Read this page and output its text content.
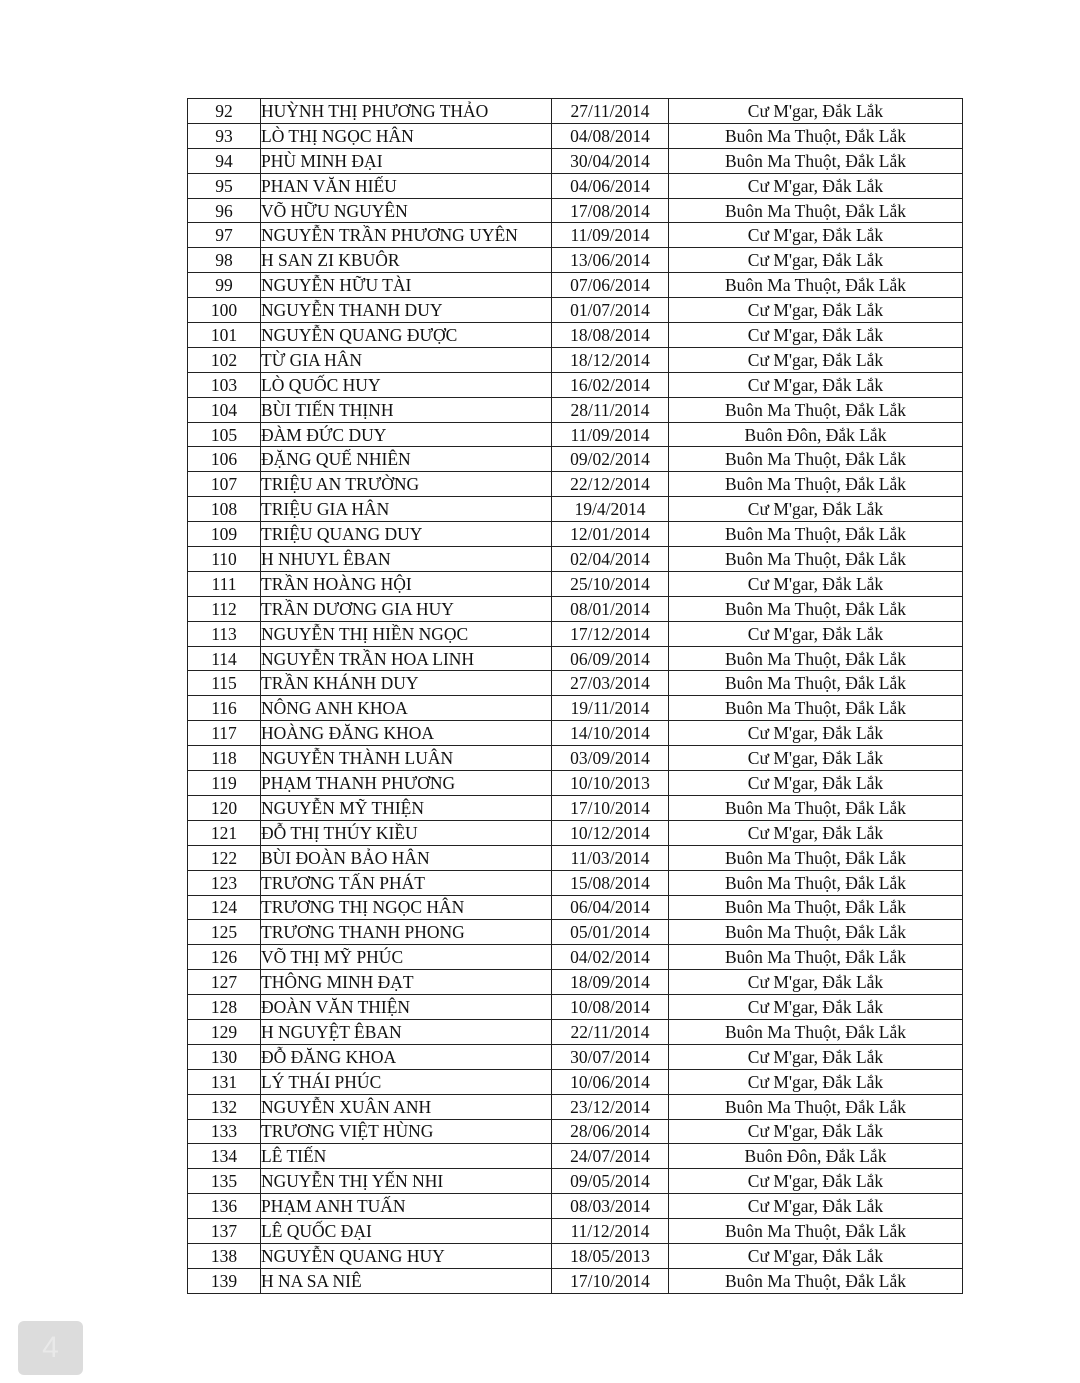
92	HUỲNH THỊ PHƯƠNG THẢO	27/11/2014	Cư M'gar, Đắk Lắk
93	LÒ THỊ NGỌC HÂN	04/08/2014	Buôn Ma Thuột, Đắk Lắk
94	PHÙ MINH ĐẠI	30/04/2014	Buôn Ma Thuột, Đắk Lắk
95	PHAN VĂN HIẾU	04/06/2014	Cư M'gar, Đắk Lắk
96	VÕ HỮU NGUYÊN	17/08/2014	Buôn Ma Thuột, Đắk Lắk
97	NGUYỄN TRẦN PHƯƠNG UYÊN	11/09/2014	Cư M'gar, Đắk Lắk
98	H SAN ZI KBUÔR	13/06/2014	Cư M'gar, Đắk Lắk
99	NGUYỄN HỮU TÀI	07/06/2014	Buôn Ma Thuột, Đắk Lắk
100	NGUYỄN THANH DUY	01/07/2014	Cư M'gar, Đắk Lắk
101	NGUYỄN QUANG ĐƯỢC	18/08/2014	Cư M'gar, Đắk Lắk
102	TỪ GIA HÂN	18/12/2014	Cư M'gar, Đắk Lắk
103	LÒ QUỐC HUY	16/02/2014	Cư M'gar, Đắk Lắk
104	BÙI TIẾN THỊNH	28/11/2014	Buôn Ma Thuột, Đắk Lắk
105	ĐÀM ĐỨC DUY	11/09/2014	Buôn Đôn, Đắk Lắk
106	ĐẶNG QUẾ NHIÊN	09/02/2014	Buôn Ma Thuột, Đắk Lắk
107	TRIỆU AN TRƯỜNG	22/12/2014	Buôn Ma Thuột, Đắk Lắk
108	TRIỆU GIA HÂN	19/4/2014	Cư M'gar, Đắk Lắk
109	TRIỆU QUANG DUY	12/01/2014	Buôn Ma Thuột, Đắk Lắk
110	H NHUYL ÊBAN	02/04/2014	Buôn Ma Thuột, Đắk Lắk
111	TRẦN HOÀNG HỘI	25/10/2014	Cư M'gar, Đắk Lắk
112	TRẦN DƯƠNG GIA HUY	08/01/2014	Buôn Ma Thuột, Đắk Lắk
113	NGUYỄN THỊ HIỀN NGỌC	17/12/2014	Cư M'gar, Đắk Lắk
114	NGUYỄN TRẦN HOA LINH	06/09/2014	Buôn Ma Thuột, Đắk Lắk
115	TRẦN KHÁNH DUY	27/03/2014	Buôn Ma Thuột, Đắk Lắk
116	NÔNG ANH KHOA	19/11/2014	Buôn Ma Thuột, Đắk Lắk
117	HOÀNG ĐĂNG KHOA	14/10/2014	Cư M'gar, Đắk Lắk
118	NGUYỄN THÀNH LUÂN	03/09/2014	Cư M'gar, Đắk Lắk
119	PHẠM THANH PHƯƠNG	10/10/2013	Cư M'gar, Đắk Lắk
120	NGUYỄN MỸ THIỆN	17/10/2014	Buôn Ma Thuột, Đắk Lắk
121	ĐỖ THỊ THÚY KIỀU	10/12/2014	Cư M'gar, Đắk Lắk
122	BÙI ĐOÀN BẢO HÂN	11/03/2014	Buôn Ma Thuột, Đắk Lắk
123	TRƯƠNG TẤN PHÁT	15/08/2014	Buôn Ma Thuột, Đắk Lắk
124	TRƯƠNG THỊ NGỌC HÂN	06/04/2014	Buôn Ma Thuột, Đắk Lắk
125	TRƯƠNG THANH PHONG	05/01/2014	Buôn Ma Thuột, Đắk Lắk
126	VÕ THỊ MỸ PHÚC	04/02/2014	Buôn Ma Thuột, Đắk Lắk
127	THÔNG MINH ĐẠT	18/09/2014	Cư M'gar, Đắk Lắk
128	ĐOÀN VĂN THIỆN	10/08/2014	Cư M'gar, Đắk Lắk
129	H NGUYỆT ÊBAN	22/11/2014	Buôn Ma Thuột, Đắk Lắk
130	ĐỖ ĐĂNG KHOA	30/07/2014	Cư M'gar, Đắk Lắk
131	LÝ THÁI PHÚC	10/06/2014	Cư M'gar, Đắk Lắk
132	NGUYỄN XUÂN ANH	23/12/2014	Buôn Ma Thuột, Đắk Lắk
133	TRƯƠNG VIỆT HÙNG	28/06/2014	Cư M'gar, Đắk Lắk
134	LÊ TIẾN	24/07/2014	Buôn Đôn, Đắk Lắk
135	NGUYỄN THỊ YẾN NHI	09/05/2014	Cư M'gar, Đắk Lắk
136	PHẠM ANH TUẤN	08/03/2014	Cư M'gar, Đắk Lắk
137	LÊ QUỐC ĐẠI	11/12/2014	Buôn Ma Thuột, Đắk Lắk
138	NGUYỄN QUANG HUY	18/05/2013	Cư M'gar, Đắk Lắk
139	H NA SA NIÊ	17/10/2014	Buôn Ma Thuột, Đắk Lắk
4
